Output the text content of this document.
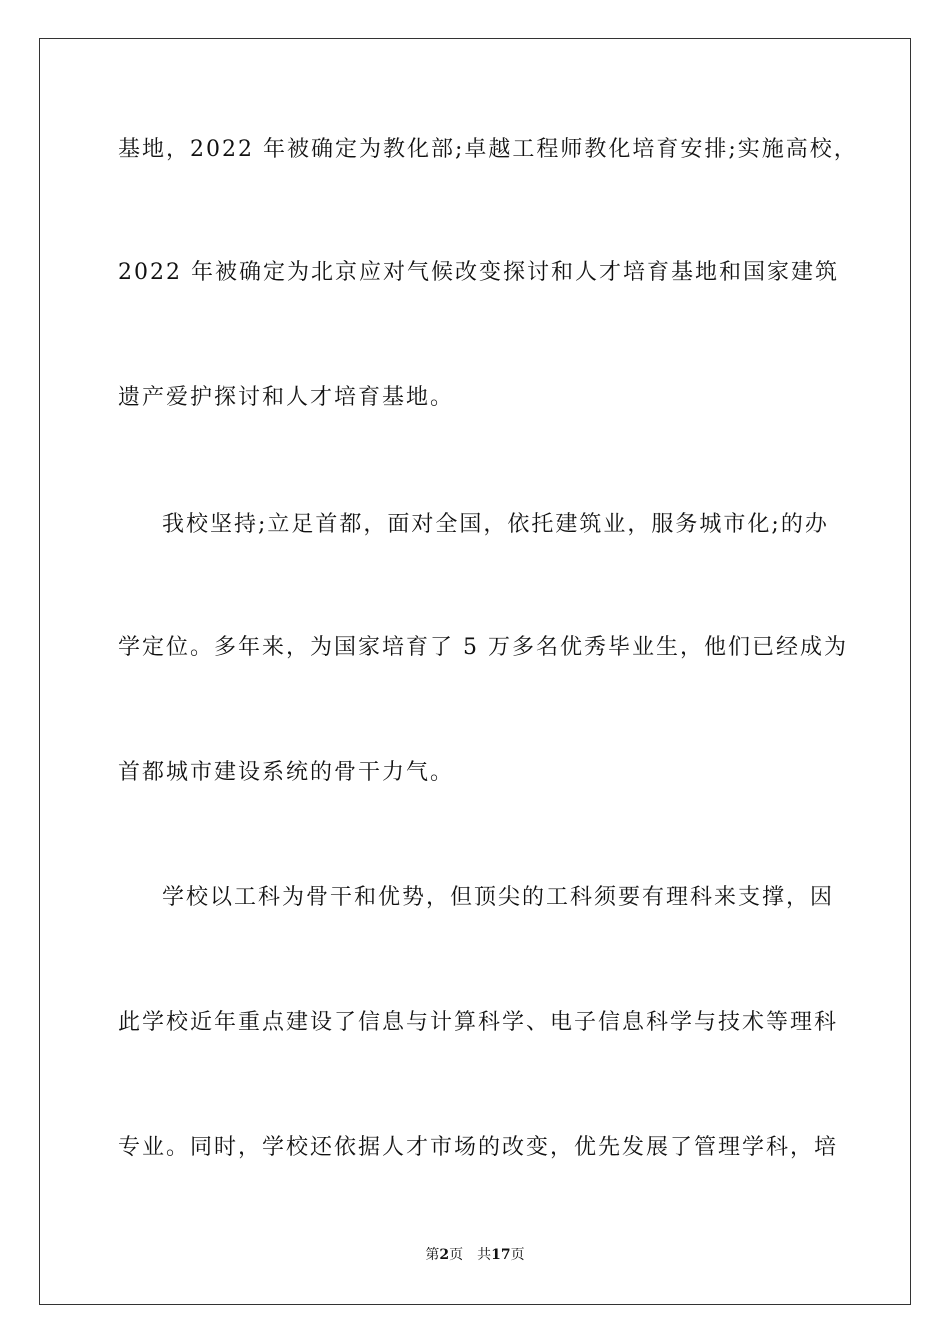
基地，2022 年被确定为教化部;卓越工程师教化培育安排;实施高校，
2022 年被确定为北京应对气候改变探讨和人才培育基地和国家建筑
遗产爱护探讨和人才培育基地。
我校坚持;立足首都，面对全国，依托建筑业，服务城市化;的办
学定位。多年来，为国家培育了 5 万多名优秀毕业生，他们已经成为
首都城市建设系统的骨干力气。
学校以工科为骨干和优势，但顶尖的工科须要有理科来支撑，因
此学校近年重点建设了信息与计算科学、电子信息科学与技术等理科
专业。同时，学校还依据人才市场的改变，优先发展了管理学科，培
第2页 共17页
